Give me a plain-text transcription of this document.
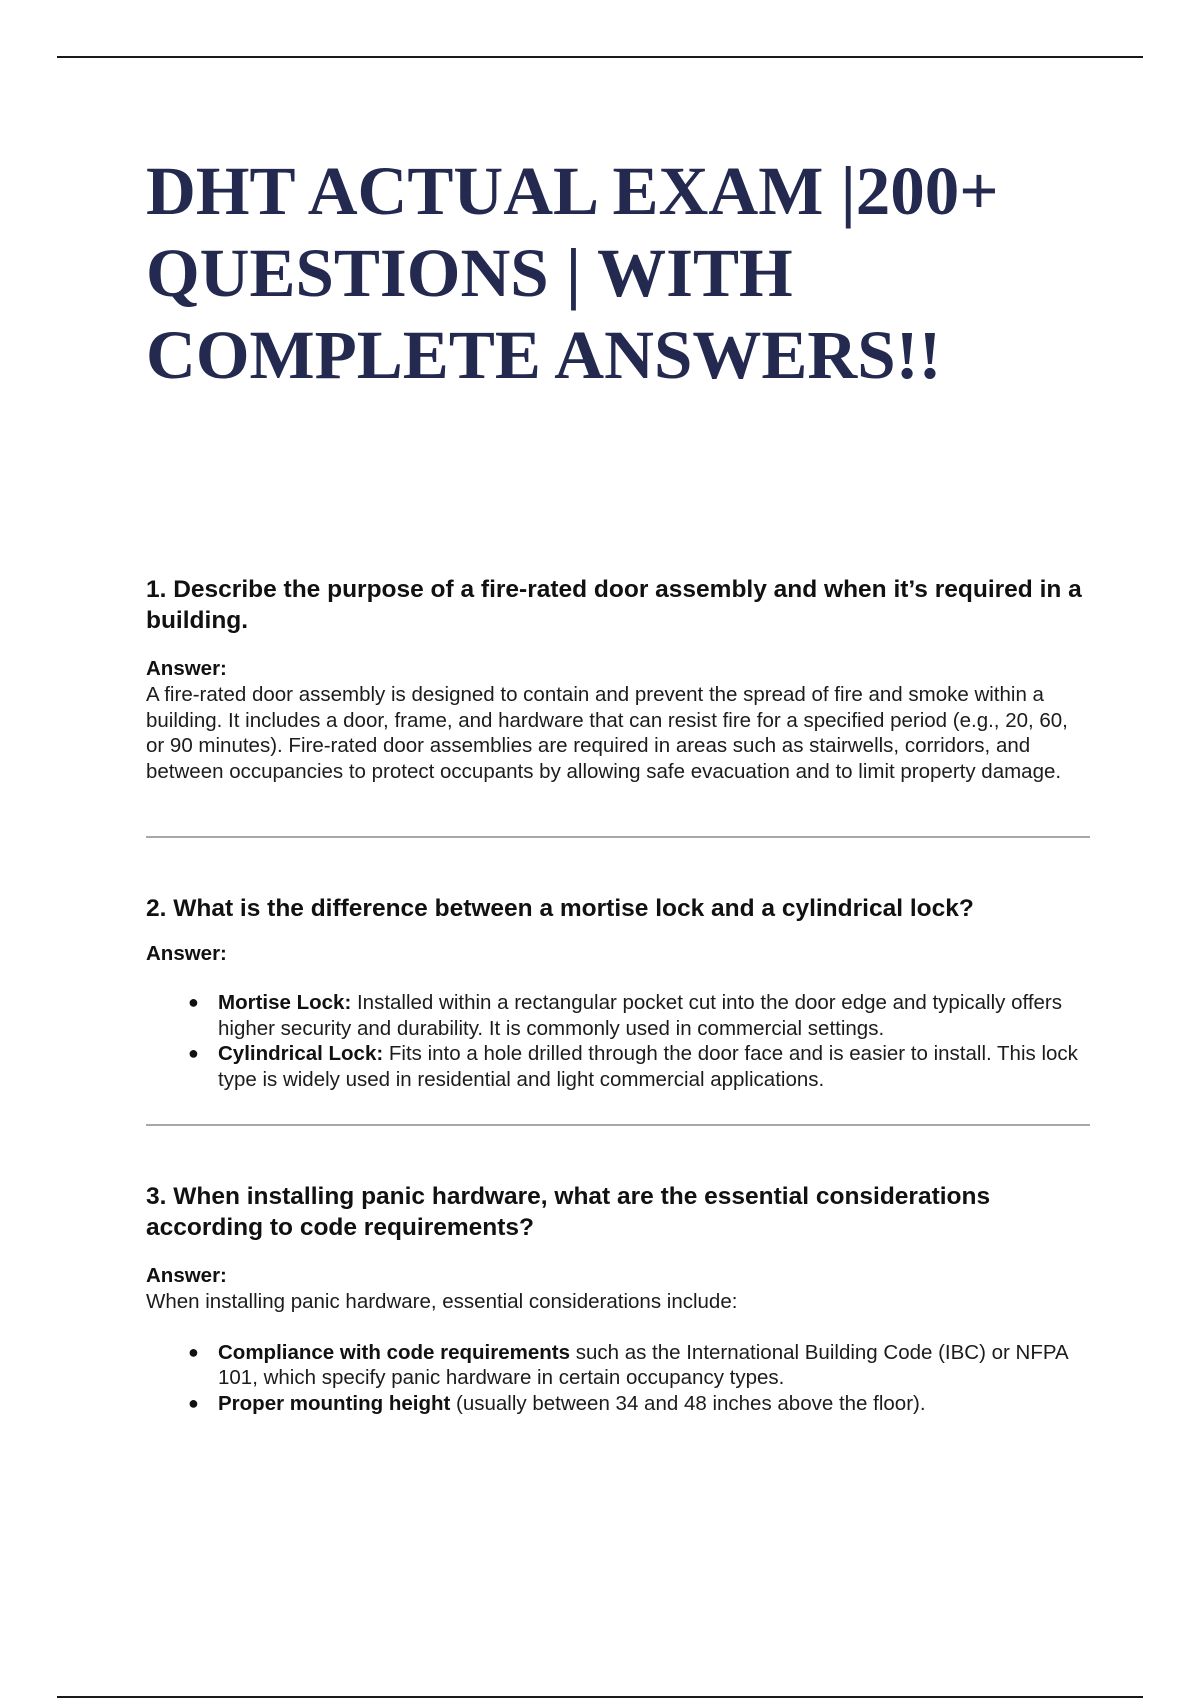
DHT ACTUAL EXAM |200+ QUESTIONS | WITH COMPLETE ANSWERS!!
1. Describe the purpose of a fire-rated door assembly and when it’s required in a building.

Answer:

A fire-rated door assembly is designed to contain and prevent the spread of fire and smoke within a building. It includes a door, frame, and hardware that can resist fire for a specified period (e.g., 20, 60, or 90 minutes). Fire-rated door assemblies are required in areas such as stairwells, corridors, and between occupancies to protect occupants by allowing safe evacuation and to limit property damage.

2. What is the difference between a mortise lock and a cylindrical lock?

Answer:

● Mortise Lock: Installed within a rectangular pocket cut into the door edge and typically offers higher security and durability. It is commonly used in commercial settings.
● Cylindrical Lock: Fits into a hole drilled through the door face and is easier to install. This lock type is widely used in residential and light commercial applications.
3. When installing panic hardware, what are the essential considerations according to code requirements?

Answer:

When installing panic hardware, essential considerations include:

● Compliance with code requirements such as the International Building Code (IBC) or NFPA 101, which specify panic hardware in certain occupancy types.
● Proper mounting height (usually between 34 and 48 inches above the floor).
